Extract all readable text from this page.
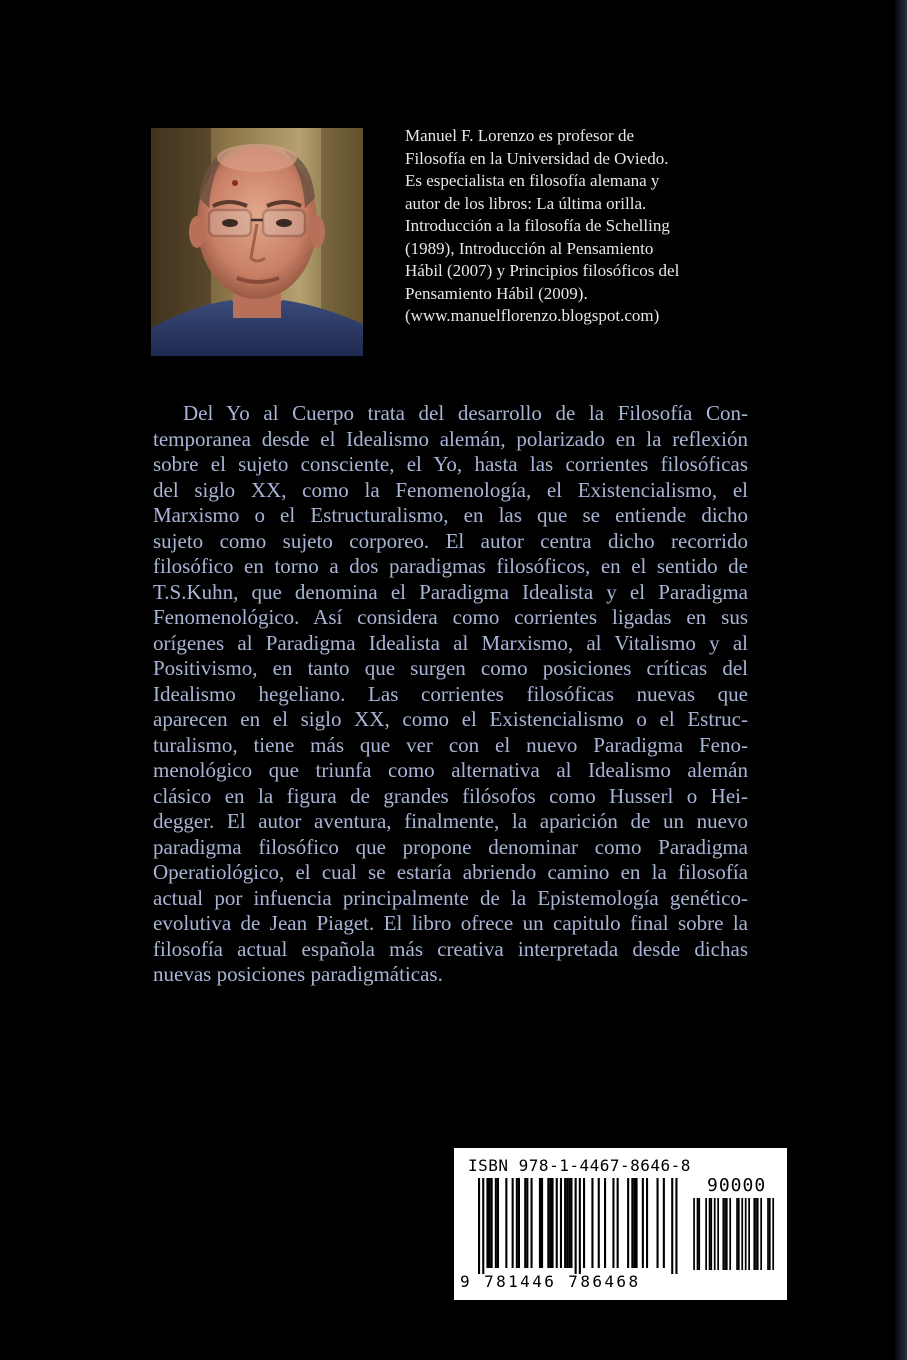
Manuel F. Lorenzo es profesor de
Filosofía en la Universidad de Oviedo.
Es especialista en filosofía alemana y
autor de los libros: La última orilla.
Introducción a la filosofía de Schelling
(1989), Introducción al Pensamiento
Hábil (2007) y Principios filosóficos del
Pensamiento Hábil (2009).
(www.manuelflorenzo.blogspot.com)
Del Yo al Cuerpo trata del desarrollo de la Filosofía Con-
temporanea desde el Idealismo alemán, polarizado en la reflexión
sobre el sujeto consciente, el Yo, hasta las corrientes filosóficas
del siglo XX, como la Fenomenología, el Existencialismo, el
Marxismo o el Estructuralismo, en las que se entiende dicho
sujeto como sujeto corporeo. El autor centra dicho recorrido
filosófico en torno a dos paradigmas filosóficos, en el sentido de
T.S.Kuhn, que denomina el Paradigma Idealista y el Paradigma
Fenomenológico. Así considera como corrientes ligadas en sus
orígenes al Paradigma Idealista al Marxismo, al Vitalismo y al
Positivismo, en tanto que surgen como posiciones críticas del
Idealismo hegeliano. Las corrientes filosóficas nuevas que
aparecen en el siglo XX, como el Existencialismo o el Estruc-
turalismo, tiene más que ver con el nuevo Paradigma Feno-
menológico que triunfa como alternativa al Idealismo alemán
clásico en la figura de grandes filósofos como Husserl o Hei-
degger. El autor aventura, finalmente, la aparición de un nuevo
paradigma filosófico que propone denominar como Paradigma
Operatiológico, el cual se estaría abriendo camino en la filosofía
actual por infuencia principalmente de la Epistemología genético-
evolutiva de Jean Piaget. El libro ofrece un capitulo final sobre la
filosofía actual española más creativa interpretada desde dichas
nuevas posiciones paradigmáticas.
ISBN 978-1-4467-8646-8
90000
9 781446 786468
